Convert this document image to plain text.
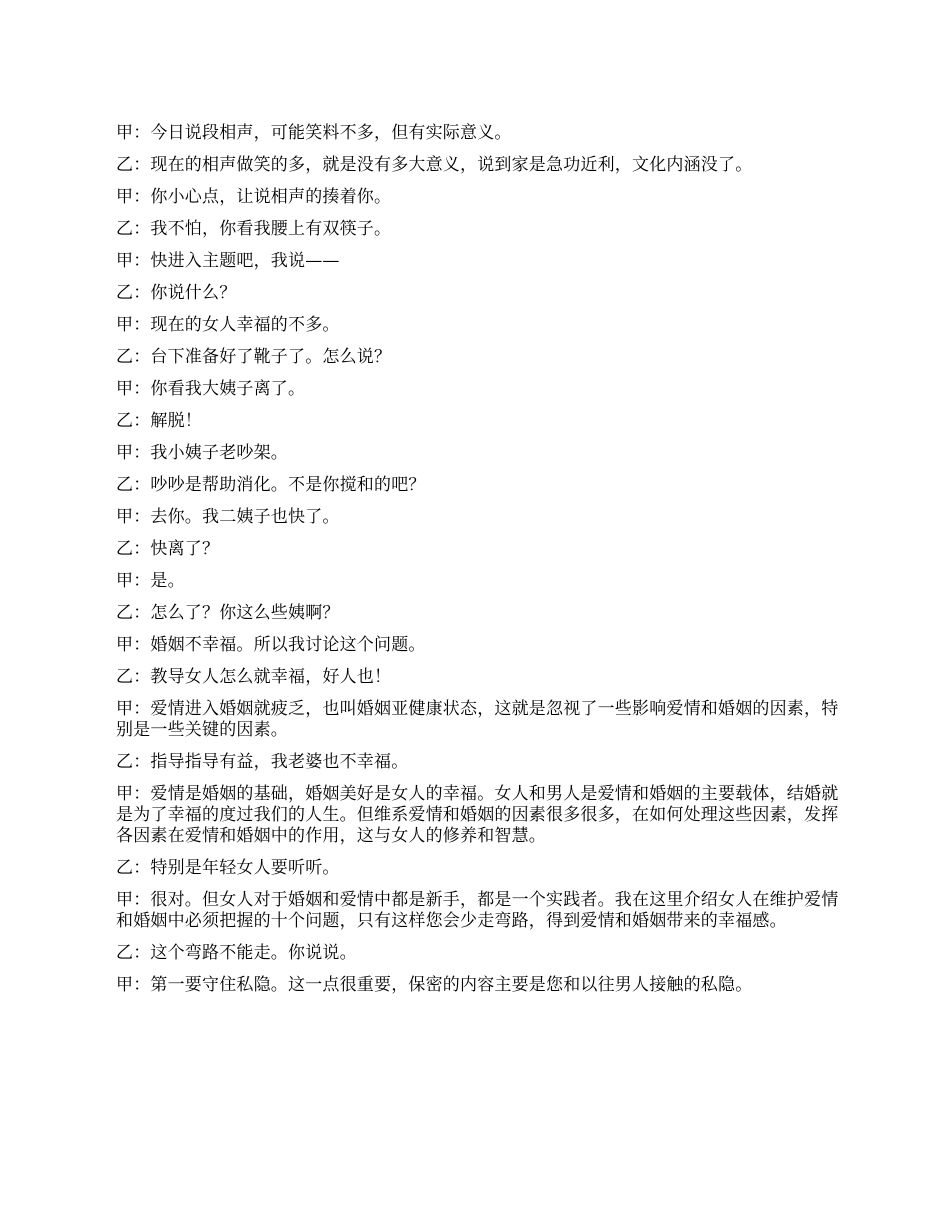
甲：今日说段相声，可能笑料不多，但有实际意义。

乙：现在的相声做笑的多，就是没有多大意义，说到家是急功近利，文化内涵没了。

甲：你小心点，让说相声的揍着你。

乙：我不怕，你看我腰上有双筷子。

甲：快进入主题吧，我说——

乙：你说什么？

甲：现在的女人幸福的不多。

乙：台下准备好了靴子了。怎么说？

甲：你看我大姨子离了。

乙：解脱！

甲：我小姨子老吵架。

乙：吵吵是帮助消化。不是你搅和的吧？

甲：去你。我二姨子也快了。

乙：快离了？

甲：是。

乙：怎么了？你这么些姨啊？

甲：婚姻不幸福。所以我讨论这个问题。

乙：教导女人怎么就幸福，好人也！

甲：爱情进入婚姻就疲乏，也叫婚姻亚健康状态，这就是忽视了一些影响爱情和婚姻的因素，特别是一些关键的因素。

乙：指导指导有益，我老婆也不幸福。

甲：爱情是婚姻的基础，婚姻美好是女人的幸福。女人和男人是爱情和婚姻的主要载体，结婚就是为了幸福的度过我们的人生。但维系爱情和婚姻的因素很多很多，在如何处理这些因素，发挥各因素在爱情和婚姻中的作用，这与女人的修养和智慧。

乙：特别是年轻女人要听听。

甲：很对。但女人对于婚姻和爱情中都是新手，都是一个实践者。我在这里介绍女人在维护爱情和婚姻中必须把握的十个问题，只有这样您会少走弯路，得到爱情和婚姻带来的幸福感。

乙：这个弯路不能走。你说说。

甲：第一要守住私隐。这一点很重要，保密的内容主要是您和以往男人接触的私隐。
